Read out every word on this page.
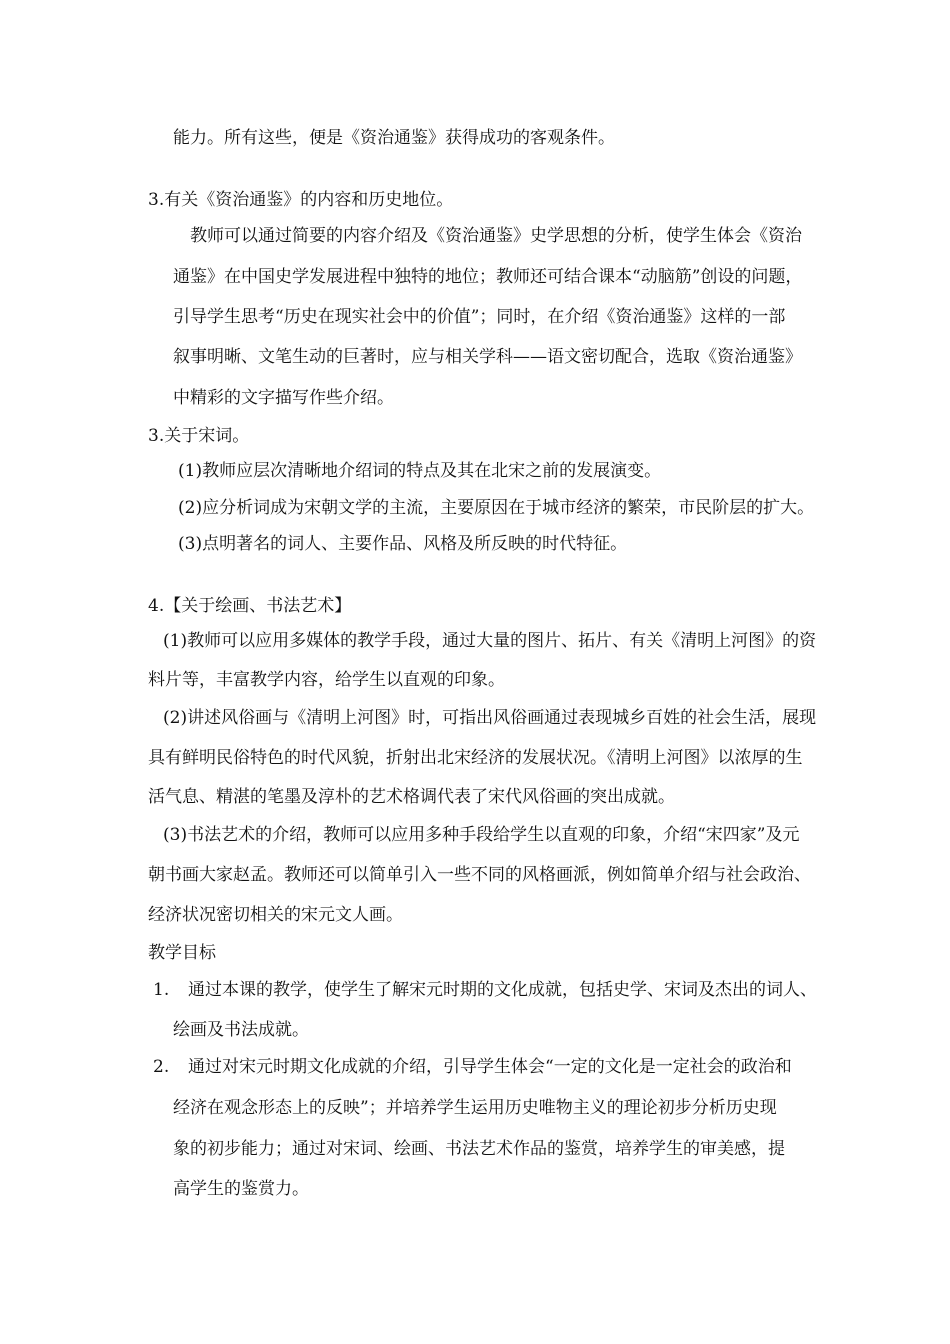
能力。所有这些，便是《资治通鉴》获得成功的客观条件。

3.有关《资治通鉴》的内容和历史地位。

教师可以通过简要的内容介绍及《资治通鉴》史学思想的分析，使学生体会《资治

通鉴》在中国史学发展进程中独特的地位；教师还可结合课本“动脑筋”创设的问题，

引导学生思考“历史在现实社会中的价值”；同时，在介绍《资治通鉴》这样的一部

叙事明晰、文笔生动的巨著时，应与相关学科——语文密切配合，选取《资治通鉴》

中精彩的文字描写作些介绍。

3.关于宋词。

(1)教师应层次清晰地介绍词的特点及其在北宋之前的发展演变。

(2)应分析词成为宋朝文学的主流，主要原因在于城市经济的繁荣，市民阶层的扩大。

(3)点明著名的词人、主要作品、风格及所反映的时代特征。

4.【关于绘画、书法艺术】

(1)教师可以应用多媒体的教学手段，通过大量的图片、拓片、有关《清明上河图》的资

料片等，丰富教学内容，给学生以直观的印象。

(2)讲述风俗画与《清明上河图》时，可指出风俗画通过表现城乡百姓的社会生活，展现

具有鲜明民俗特色的时代风貌，折射出北宋经济的发展状况。《清明上河图》以浓厚的生

活气息、精湛的笔墨及淳朴的艺术格调代表了宋代风俗画的突出成就。

(3)书法艺术的介绍，教师可以应用多种手段给学生以直观的印象，介绍“宋四家”及元

朝书画大家赵孟。教师还可以简单引入一些不同的风格画派，例如简单介绍与社会政治、

经济状况密切相关的宋元文人画。

教学目标

1. 通过本课的教学，使学生了解宋元时期的文化成就，包括史学、宋词及杰出的词人、

绘画及书法成就。

2. 通过对宋元时期文化成就的介绍，引导学生体会“一定的文化是一定社会的政治和

经济在观念形态上的反映”；并培养学生运用历史唯物主义的理论初步分析历史现

象的初步能力；通过对宋词、绘画、书法艺术作品的鉴赏，培养学生的审美感，提

高学生的鉴赏力。
